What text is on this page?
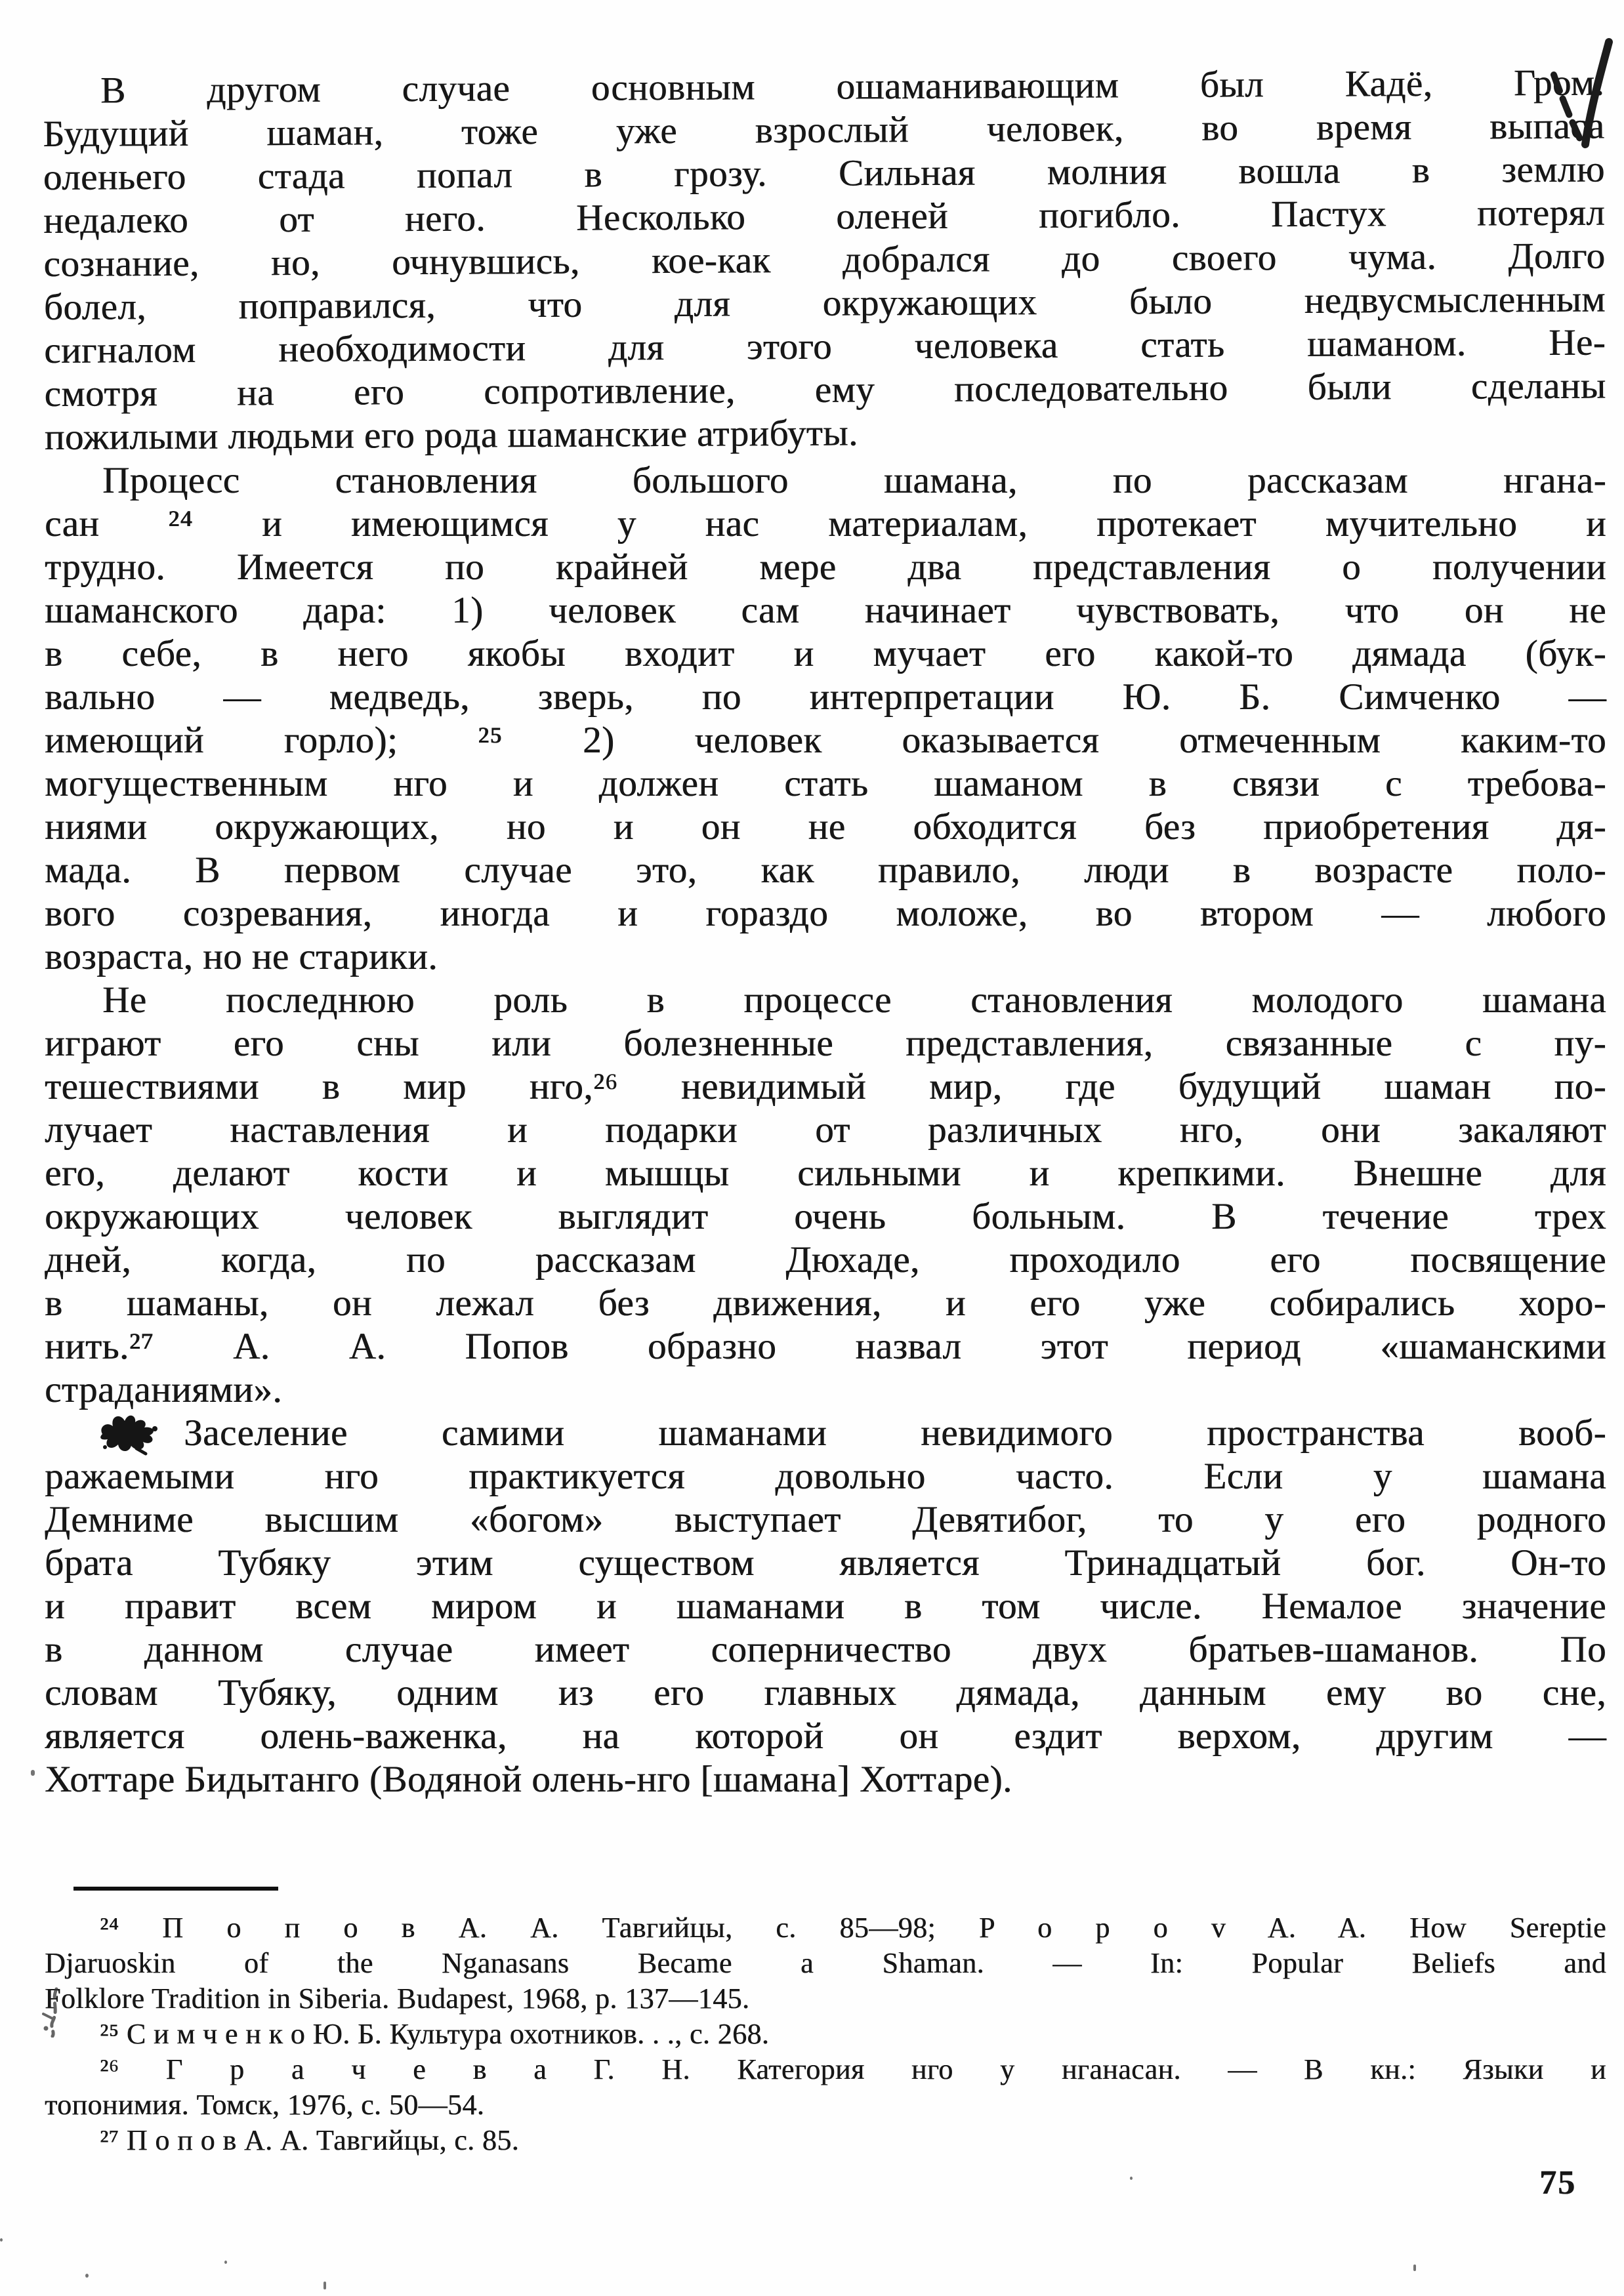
В другом случае основным ошаманивающим был Кадё, Гром.

Будущий шаман, тоже уже взрослый человек, во время выпаса

оленьего стада попал в грозу. Сильная молния вошла в землю

недалеко от него. Несколько оленей погибло. Пастух потерял

сознание, но, очнувшись, кое-как добрался до своего чума. Долго

болел, поправился, что для окружающих было недвусмысленным

сигналом необходимости для этого человека стать шаманом. Не-

смотря на его сопротивление, ему последовательно были сделаны

пожилыми людьми его рода шаманские атрибуты.

Процесс становления большого шамана, по рассказам нгана-

сан ²⁴ и имеющимся у нас материалам, протекает мучительно и

трудно. Имеется по крайней мере два представления о получении

шаманского дара: 1) человек сам начинает чувствовать, что он не

в себе, в него якобы входит и мучает его какой-то дямада (бук-

вально — медведь, зверь, по интерпретации Ю. Б. Симченко —

имеющий горло); ²⁵ 2) человек оказывается отмеченным каким-то

могущественным нго и должен стать шаманом в связи с требова-

ниями окружающих, но и он не обходится без приобретения дя-

мада. В первом случае это, как правило, люди в возрасте поло-

вого созревания, иногда и гораздо моложе, во втором — любого

возраста, но не старики.

Не последнюю роль в процессе становления молодого шамана

играют его сны или болезненные представления, связанные с пу-

тешествиями в мир нго,²⁶ невидимый мир, где будущий шаман по-

лучает наставления и подарки от различных нго, они закаляют

его, делают кости и мышцы сильными и крепкими. Внешне для

окружающих человек выглядит очень больным. В течение трех

дней, когда, по рассказам Дюхаде, проходило его посвящение

в шаманы, он лежал без движения, и его уже собирались хоро-

нить.²⁷ А. А. Попов образно назвал этот период «шаманскими

страданиями».

Заселение самими шаманами невидимого пространства вооб-

ражаемыми нго практикуется довольно часто. Если у шамана

Демниме высшим «богом» выступает Девятибог, то у его родного

брата Тубяку этим существом является Тринадцатый бог. Он-то

и правит всем миром и шаманами в том числе. Немалое значение

в данном случае имеет соперничество двух братьев-шаманов. По

словам Тубяку, одним из его главных дямада, данным ему во сне,

является олень-важенка, на которой он ездит верхом, другим —

Хоттаре Бидытанго (Водяной олень-нго [шамана] Хоттаре).

²⁴ П о п о в А. А. Тавгийцы, с. 85—98; P o p o v A. A. How Sereptie

Djaruoskin of the Nganasans Became a Shaman. — In: Popular Beliefs and

Folklore Tradition in Siberia. Budapest, 1968, p. 137—145.

²⁵ С и м ч е н к о Ю. Б. Культура охотников. . ., с. 268.

²⁶ Г р а ч е в а Г. Н. Категория нго у нганасан. — В кн.: Языки и

топонимия. Томск, 1976, с. 50—54.

²⁷ П о п о в А. А. Тавгийцы, с. 85.

75
